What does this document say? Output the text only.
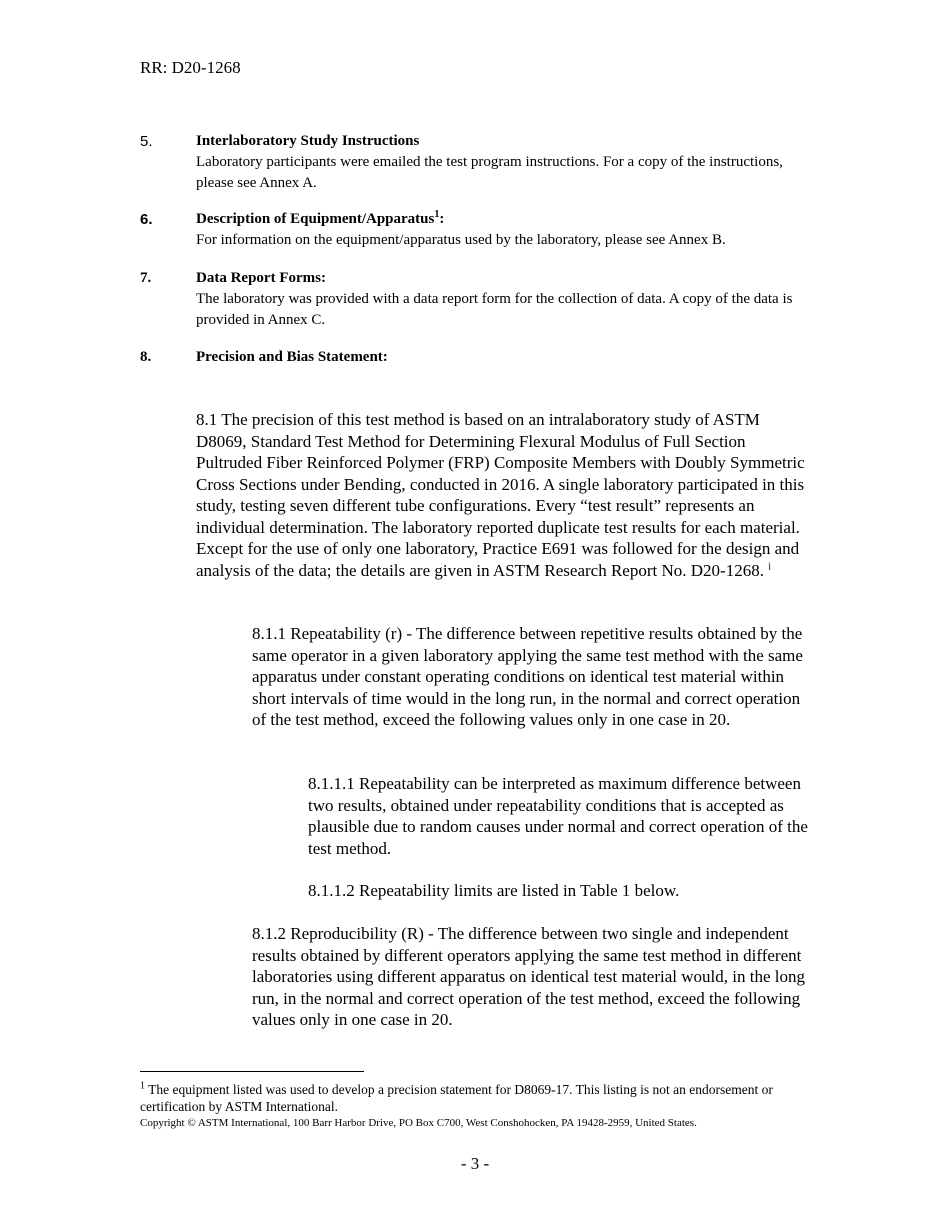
RR: D20-1268
5.	Interlaboratory Study Instructions
Laboratory participants were emailed the test program instructions. For a copy of the instructions, please see Annex A.
6.	Description of Equipment/Apparatus$^1$:
For information on the equipment/apparatus used by the laboratory, please see Annex B.
7.	Data Report Forms:
The laboratory was provided with a data report form for the collection of data. A copy of the data is provided in Annex C.
8.	Precision and Bias Statement:
8.1 The precision of this test method is based on an intralaboratory study of ASTM D8069, Standard Test Method for Determining Flexural Modulus of Full Section Pultruded Fiber Reinforced Polymer (FRP) Composite Members with Doubly Symmetric Cross Sections under Bending, conducted in 2016. A single laboratory participated in this study, testing seven different tube configurations. Every “test result” represents an individual determination. The laboratory reported duplicate test results for each material. Except for the use of only one laboratory, Practice E691 was followed for the design and analysis of the data; the details are given in ASTM Research Report No. D20-1268. $^i$
8.1.1 Repeatability (r) - The difference between repetitive results obtained by the same operator in a given laboratory applying the same test method with the same apparatus under constant operating conditions on identical test material within short intervals of time would in the long run, in the normal and correct operation of the test method, exceed the following values only in one case in 20.
8.1.1.1 Repeatability can be interpreted as maximum difference between two results, obtained under repeatability conditions that is accepted as plausible due to random causes under normal and correct operation of the test method.
8.1.1.2 Repeatability limits are listed in Table 1 below.
8.1.2 Reproducibility (R) - The difference between two single and independent results obtained by different operators applying the same test method in different laboratories using different apparatus on identical test material would, in the long run, in the normal and correct operation of the test method, exceed the following values only in one case in 20.
$^1$ The equipment listed was used to develop a precision statement for D8069-17. This listing is not an endorsement or certification by ASTM International.
Copyright © ASTM International, 100 Barr Harbor Drive, PO Box C700, West Conshohocken, PA 19428-2959, United States.
- 3 -
